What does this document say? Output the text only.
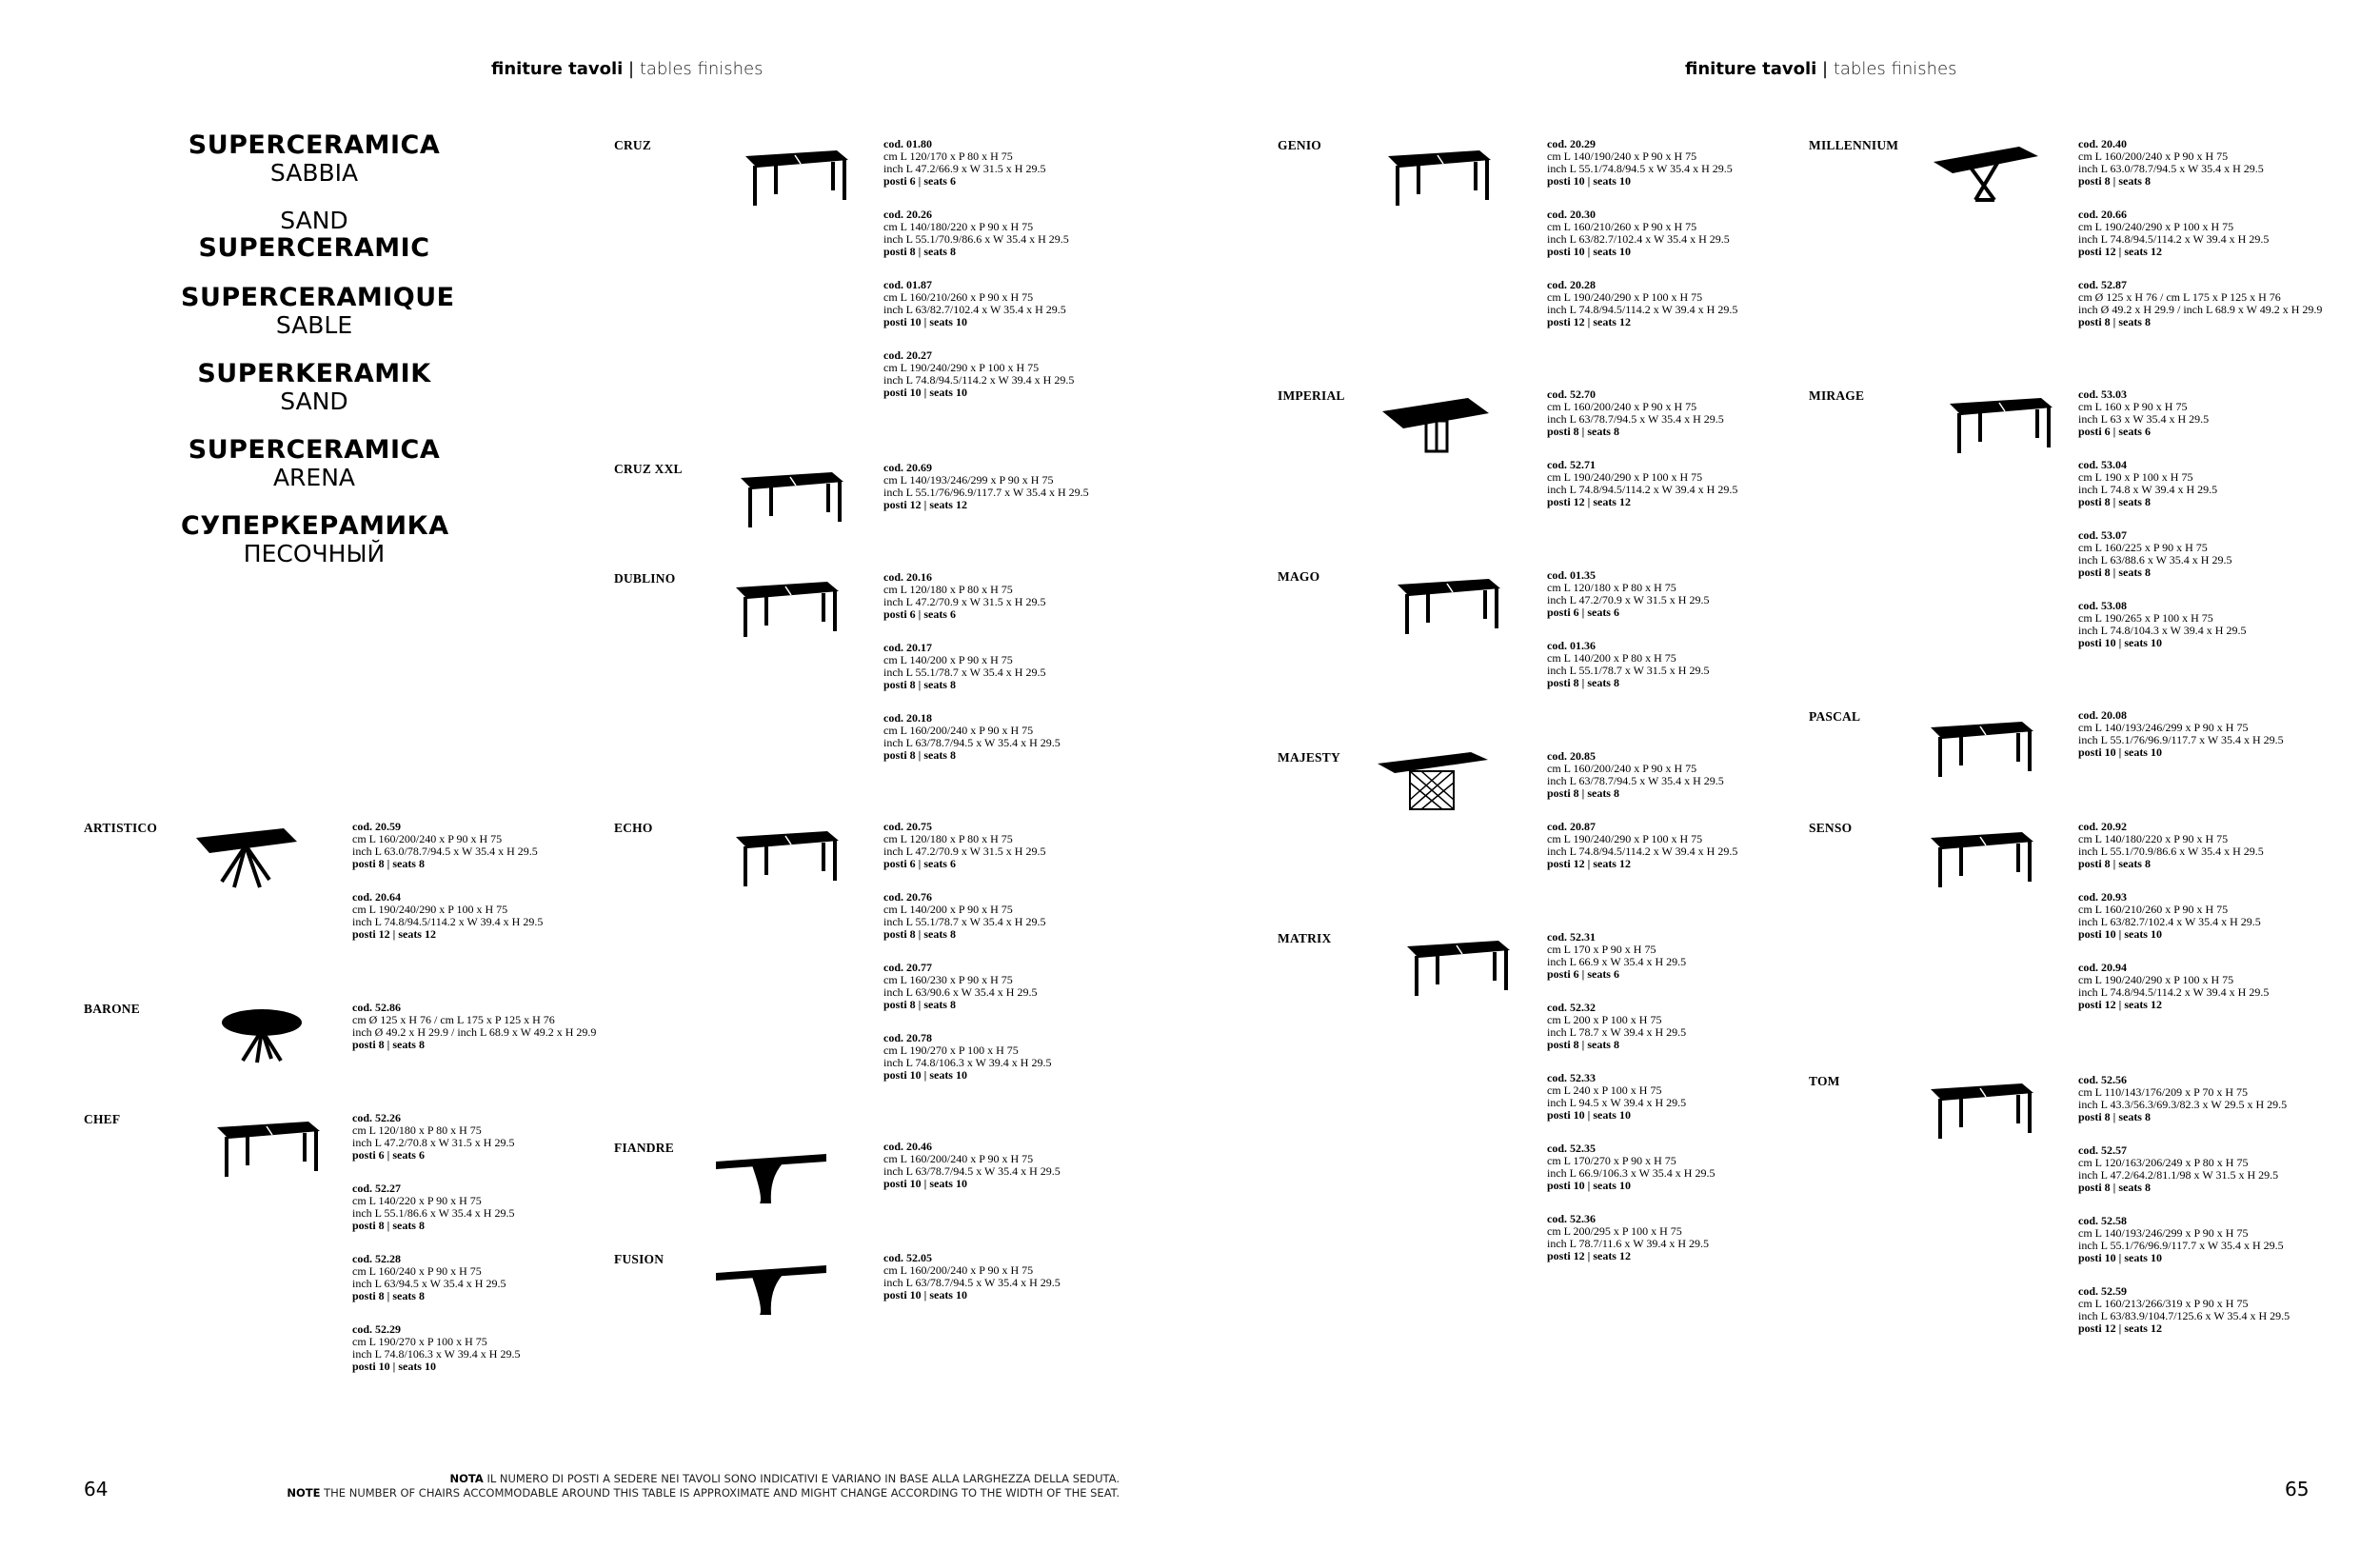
finiture tavoli | tables finishes	finiture tavoli | tables finishes
SUPERCERAMICA
SABBIA
SAND
SUPERCERAMIC
SUPERCERAMIQUE
SABLE
SUPERKERAMIK
SAND
SUPERCERAMICA
ARENA
СУПЕРКЕРАМИКА
ПЕСОЧНЫЙ
CRUZ	cod. 01.80
cm L 120/170 x P 80 x H 75
inch L 47.2/66.9 x W 31.5 x H 29.5
posti 6 | seats 6
cod. 20.26
cm L 140/180/220 x P 90 x H 75
inch L 55.1/70.9/86.6 x W 35.4 x H 29.5
posti 8 | seats 8
cod. 01.87
cm L 160/210/260 x P 90 x H 75
inch L 63/82.7/102.4 x W 35.4 x H 29.5
posti 10 | seats 10
cod. 20.27
cm L 190/240/290 x P 100 x H 75
inch L 74.8/94.5/114.2 x W 39.4 x H 29.5
posti 10 | seats 10
CRUZ XXL	cod. 20.69
cm L 140/193/246/299 x P 90 x H 75
inch L 55.1/76/96.9/117.7 x W 35.4 x H 29.5
posti 12 | seats 12
DUBLINO	cod. 20.16
cm L 120/180 x P 80 x H 75
inch L 47.2/70.9 x W 31.5 x H 29.5
posti 6 | seats 6
cod. 20.17
cm L 140/200 x P 90 x H 75
inch L 55.1/78.7 x W 35.4 x H 29.5
posti 8 | seats 8
cod. 20.18
cm L 160/200/240 x P 90 x H 75
inch L 63/78.7/94.5 x W 35.4 x H 29.5
posti 8 | seats 8
ARTISTICO	cod. 20.59
cm L 160/200/240 x P 90 x H 75
inch L 63.0/78.7/94.5 x W 35.4 x H 29.5
posti 8 | seats 8
cod. 20.64
cm L 190/240/290 x P 100 x H 75
inch L 74.8/94.5/114.2 x W 39.4 x H 29.5
posti 12 | seats 12
BARONE	cod. 52.86
cm Ø 125 x H 76 / cm L 175 x P 125 x H 76
inch Ø 49.2 x H 29.9 / inch L 68.9 x W 49.2 x H 29.9
posti 8 | seats 8
CHEF	cod. 52.26
cm L 120/180 x P 80 x H 75
inch L 47.2/70.8 x W 31.5 x H 29.5
posti 6 | seats 6
cod. 52.27
cm L 140/220 x P 90 x H 75
inch L 55.1/86.6 x W 35.4 x H 29.5
posti 8 | seats 8
cod. 52.28
cm L 160/240 x P 90 x H 75
inch L 63/94.5 x W 35.4 x H 29.5
posti 8 | seats 8
cod. 52.29
cm L 190/270 x P 100 x H 75
inch L 74.8/106.3 x W 39.4 x H 29.5
posti 10 | seats 10
ECHO	cod. 20.75
cm L 120/180 x P 80 x H 75
inch L 47.2/70.9 x W 31.5 x H 29.5
posti 6 | seats 6
cod. 20.76
cm L 140/200 x P 90 x H 75
inch L 55.1/78.7 x W 35.4 x H 29.5
posti 8 | seats 8
cod. 20.77
cm L 160/230 x P 90 x H 75
inch L 63/90.6 x W 35.4 x H 29.5
posti 8 | seats 8
cod. 20.78
cm L 190/270 x P 100 x H 75
inch L 74.8/106.3 x W 39.4 x H 29.5
posti 10 | seats 10
FIANDRE	cod. 20.46
cm L 160/200/240 x P 90 x H 75
inch L 63/78.7/94.5 x W 35.4 x H 29.5
posti 10 | seats 10
FUSION	cod. 52.05
cm L 160/200/240 x P 90 x H 75
inch L 63/78.7/94.5 x W 35.4 x H 29.5
posti 10 | seats 10
GENIO	cod. 20.29
cm L 140/190/240 x P 90 x H 75
inch L 55.1/74.8/94.5 x W 35.4 x H 29.5
posti 10 | seats 10
cod. 20.30
cm L 160/210/260 x P 90 x H 75
inch L 63/82.7/102.4 x W 35.4 x H 29.5
posti 10 | seats 10
cod. 20.28
cm L 190/240/290 x P 100 x H 75
inch L 74.8/94.5/114.2 x W 39.4 x H 29.5
posti 12 | seats 12
IMPERIAL	cod. 52.70
cm L 160/200/240 x P 90 x H 75
inch L 63/78.7/94.5 x W 35.4 x H 29.5
posti 8 | seats 8
cod. 52.71
cm L 190/240/290 x P 100 x H 75
inch L 74.8/94.5/114.2 x W 39.4 x H 29.5
posti 12 | seats 12
MAGO	cod. 01.35
cm L 120/180 x P 80 x H 75
inch L 47.2/70.9 x W 31.5 x H 29.5
posti 6 | seats 6
cod. 01.36
cm L 140/200 x P 80 x H 75
inch L 55.1/78.7 x W 31.5 x H 29.5
posti 8 | seats 8
MAJESTY	cod. 20.85
cm L 160/200/240 x P 90 x H 75
inch L 63/78.7/94.5 x W 35.4 x H 29.5
posti 8 | seats 8
cod. 20.87
cm L 190/240/290 x P 100 x H 75
inch L 74.8/94.5/114.2 x W 39.4 x H 29.5
posti 12 | seats 12
MATRIX	cod. 52.31
cm L 170 x P 90 x H 75
inch L 66.9 x W 35.4 x H 29.5
posti 6 | seats 6
cod. 52.32
cm L 200 x P 100 x H 75
inch L 78.7 x W 39.4 x H 29.5
posti 8 | seats 8
cod. 52.33
cm L 240 x P 100 x H 75
inch L 94.5 x W 39.4 x H 29.5
posti 10 | seats 10
cod. 52.35
cm L 170/270 x P 90 x H 75
inch L 66.9/106.3 x W 35.4 x H 29.5
posti 10 | seats 10
cod. 52.36
cm L 200/295 x P 100 x H 75
inch L 78.7/11.6 x W 39.4 x H 29.5
posti 12 | seats 12
MILLENNIUM	cod. 20.40
cm L 160/200/240 x P 90 x H 75
inch L 63.0/78.7/94.5 x W 35.4 x H 29.5
posti 8 | seats 8
cod. 20.66
cm L 190/240/290 x P 100 x H 75
inch L 74.8/94.5/114.2 x W 39.4 x H 29.5
posti 12 | seats 12
cod. 52.87
cm Ø 125 x H 76 / cm L 175 x P 125 x H 76
inch Ø 49.2 x H 29.9 / inch L 68.9 x W 49.2 x H 29.9
posti 8 | seats 8
MIRAGE	cod. 53.03
cm L 160 x P 90 x H 75
inch L 63 x W 35.4 x H 29.5
posti 6 | seats 6
cod. 53.04
cm L 190 x P 100 x H 75
inch L 74.8 x W 39.4 x H 29.5
posti 8 | seats 8
cod. 53.07
cm L 160/225 x P 90 x H 75
inch L 63/88.6 x W 35.4 x H 29.5
posti 8 | seats 8
cod. 53.08
cm L 190/265 x P 100 x H 75
inch L 74.8/104.3 x W 39.4 x H 29.5
posti 10 | seats 10
PASCAL	cod. 20.08
cm L 140/193/246/299 x P 90 x H 75
inch L 55.1/76/96.9/117.7 x W 35.4 x H 29.5
posti 10 | seats 10
SENSO	cod. 20.92
cm L 140/180/220 x P 90 x H 75
inch L 55.1/70.9/86.6 x W 35.4 x H 29.5
posti 8 | seats 8
cod. 20.93
cm L 160/210/260 x P 90 x H 75
inch L 63/82.7/102.4 x W 35.4 x H 29.5
posti 10 | seats 10
cod. 20.94
cm L 190/240/290 x P 100 x H 75
inch L 74.8/94.5/114.2 x W 39.4 x H 29.5
posti 12 | seats 12
TOM	cod. 52.56
cm L 110/143/176/209 x P 70 x H 75
inch L 43.3/56.3/69.3/82.3 x W 29.5 x H 29.5
posti 8 | seats 8
cod. 52.57
cm L 120/163/206/249 x P 80 x H 75
inch L 47.2/64.2/81.1/98 x W 31.5 x H 29.5
posti 8 | seats 8
cod. 52.58
cm L 140/193/246/299 x P 90 x H 75
inch L 55.1/76/96.9/117.7 x W 35.4 x H 29.5
posti 10 | seats 10
cod. 52.59
cm L 160/213/266/319 x P 90 x H 75
inch L 63/83.9/104.7/125.6 x W 35.4 x H 29.5
posti 12 | seats 12
64	65
NOTA IL NUMERO DI POSTI A SEDERE NEI TAVOLI SONO INDICATIVI E VARIANO IN BASE ALLA LARGHEZZA DELLA SEDUTA.
NOTE THE NUMBER OF CHAIRS ACCOMMODABLE AROUND THIS TABLE IS APPROXIMATE AND MIGHT CHANGE ACCORDING TO THE WIDTH OF THE SEAT.
